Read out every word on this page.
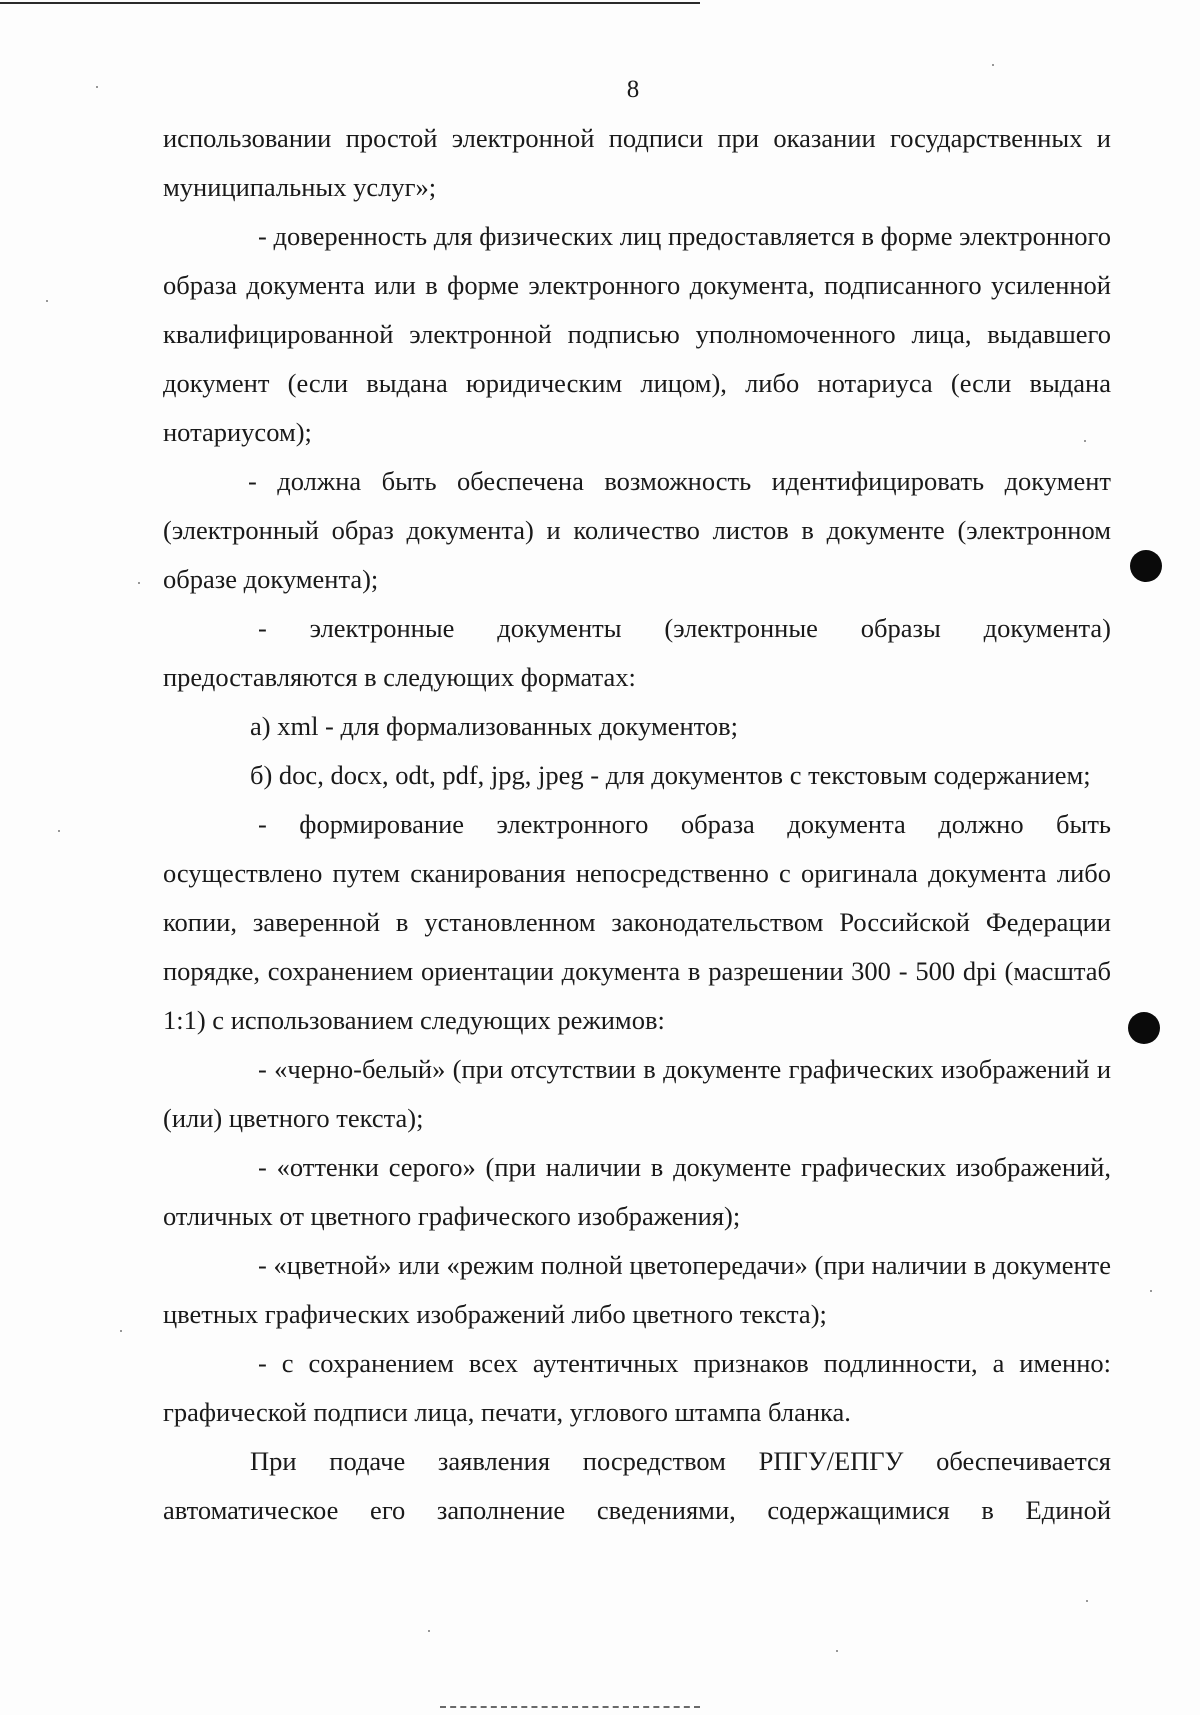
8

использовании простой электронной подписи при оказании государственных и муниципальных услуг»;

- доверенность для физических лиц предоставляется в форме электронного образа документа или в форме электронного документа, подписанного усиленной квалифицированной электронной подписью уполномоченного лица, выдавшего документ (если выдана юридическим лицом), либо нотариуса (если выдана нотариусом);

- должна быть обеспечена возможность идентифицировать документ (электронный образ документа) и количество листов в документе (электронном образе документа);

- электронные документы (электронные образы документа) предоставляются в следующих форматах:

а) xml - для формализованных документов;

б) doc, docx, odt, pdf, jpg, jpeg - для документов с текстовым содержанием;

- формирование электронного образа документа должно быть осуществлено путем сканирования непосредственно с оригинала документа либо копии, заверенной в установленном законодательством Российской Федерации порядке, сохранением ориентации документа в разрешении 300 - 500 dpi (масштаб 1:1) с использованием следующих режимов:

- «черно-белый» (при отсутствии в документе графических изображений и (или) цветного текста);

- «оттенки серого» (при наличии в документе графических изображений, отличных от цветного графического изображения);

- «цветной» или «режим полной цветопередачи» (при наличии в документе цветных графических изображений либо цветного текста);

- с сохранением всех аутентичных признаков подлинности, а именно: графической подписи лица, печати, углового штампа бланка.

При подаче заявления посредством РПГУ/ЕПГУ обеспечивается автоматическое его заполнение сведениями, содержащимися в Единой
